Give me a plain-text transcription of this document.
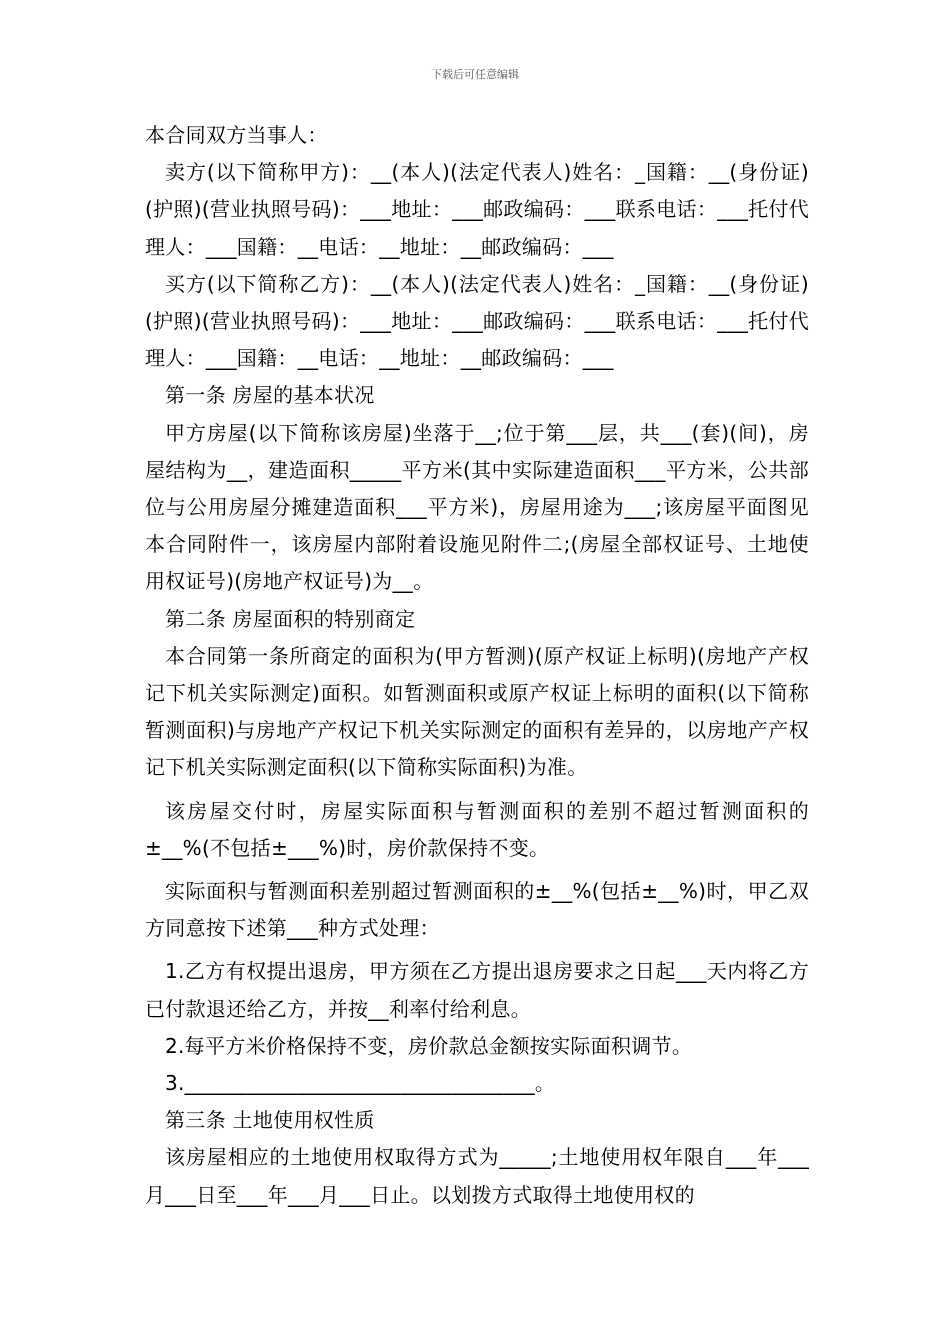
下载后可任意编辑

本合同双方当事人：

卖方(以下简称甲方)：__(本人)(法定代表人)姓名：_国籍：__(身份证)(护照)(营业执照号码)：___地址：___邮政编码：___联系电话：___托付代理人：___国籍：__电话：__地址：__邮政编码：___

买方(以下简称乙方)：__(本人)(法定代表人)姓名：_国籍：__(身份证)(护照)(营业执照号码)：___地址：___邮政编码：___联系电话：___托付代理人：___国籍：__电话：__地址：__邮政编码：___

第一条 房屋的基本状况

甲方房屋(以下简称该房屋)坐落于__;位于第___层，共___(套)(间)，房屋结构为__，建造面积_____平方米(其中实际建造面积___平方米，公共部位与公用房屋分摊建造面积___平方米)，房屋用途为___;该房屋平面图见本合同附件一，该房屋内部附着设施见附件二;(房屋全部权证号、土地使用权证号)(房地产权证号)为__。

第二条 房屋面积的特别商定

本合同第一条所商定的面积为(甲方暂测)(原产权证上标明)(房地产产权记下机关实际测定)面积。如暂测面积或原产权证上标明的面积(以下简称暂测面积)与房地产产权记下机关实际测定的面积有差异的，以房地产产权记下机关实际测定面积(以下简称实际面积)为准。

该房屋交付时，房屋实际面积与暂测面积的差别不超过暂测面积的±__%(不包括±___%)时，房价款保持不变。

实际面积与暂测面积差别超过暂测面积的±__%(包括±__%)时，甲乙双方同意按下述第___种方式处理：

1.乙方有权提出退房，甲方须在乙方提出退房要求之日起___天内将乙方已付款退还给乙方，并按__利率付给利息。

2.每平方米价格保持不变，房价款总金额按实际面积调节。

3.__________________________________。

第三条 土地使用权性质

该房屋相应的土地使用权取得方式为_____;土地使用权年限自___年___月___日至___年___月___日止。以划拨方式取得土地使用权的
